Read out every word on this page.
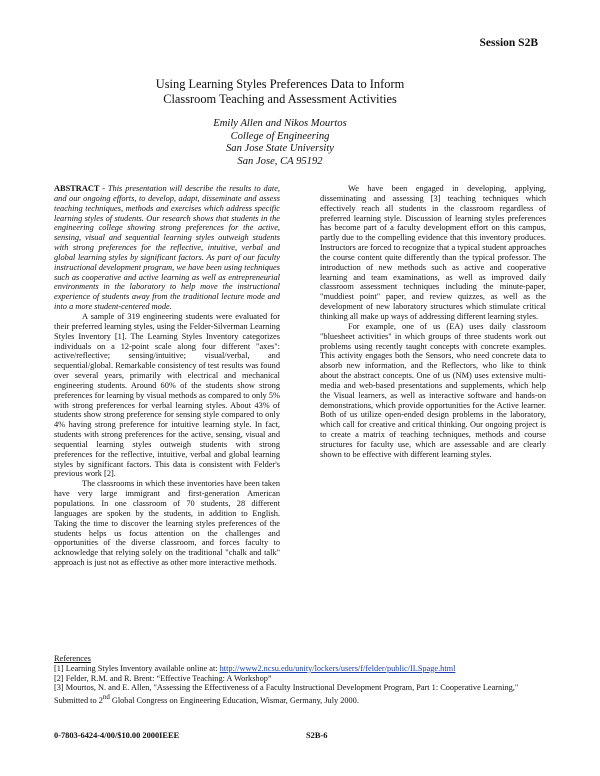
Session S2B
Using Learning Styles Preferences Data to Inform
Classroom Teaching and Assessment Activities
Emily Allen and Nikos Mourtos
College of Engineering
San Jose State University
San Jose, CA 95192

ABSTRACT - This presentation will describe the results to date, and our ongoing efforts, to develop, adapt, disseminate and assess teaching techniques, methods and exercises which address specific learning styles of students. Our research shows that students in the engineering college showing strong preferences for the active, sensing, visual and sequential learning styles outweigh students with strong preferences for the reflective, intuitive, verbal and global learning styles by significant factors. As part of our faculty instructional development program, we have been using techniques such as cooperative and active learning as well as entrepreneurial environments in the laboratory to help move the instructional experience of students away from the traditional lecture mode and into a more student-centered mode.

A sample of 319 engineering students were evaluated for their preferred learning styles, using the Felder-Silverman Learning Styles Inventory [1]. The Learning Styles Inventory categorizes individuals on a 12-point scale along four different "axes": active/reflective; sensing/intuitive; visual/verbal, and sequential/global. Remarkable consistency of test results was found over several years, primarily with electrical and mechanical engineering students. Around 60% of the students show strong preferences for learning by visual methods as compared to only 5% with strong preferences for verbal learning styles. About 43% of students show strong preference for sensing style compared to only 4% having strong preference for intuitive learning style. In fact, students with strong preferences for the active, sensing, visual and sequential learning styles outweigh students with strong preferences for the reflective, intuitive, verbal and global learning styles by significant factors. This data is consistent with Felder's previous work [2].

The classrooms in which these inventories have been taken have very large immigrant and first-generation American populations. In one classroom of 70 students, 28 different languages are spoken by the students, in addition to English. Taking the time to discover the learning styles preferences of the students helps us focus attention on the challenges and opportunities of the diverse classroom, and forces faculty to acknowledge that relying solely on the traditional "chalk and talk" approach is just not as effective as other more interactive methods.

We have been engaged in developing, applying, disseminating and assessing [3] teaching techniques which effectively reach all students in the classroom regardless of preferred learning style. Discussion of learning styles preferences has become part of a faculty development effort on this campus, partly due to the compelling evidence that this inventory produces. Instructors are forced to recognize that a typical student approaches the course content quite differently than the typical professor. The introduction of new methods such as active and cooperative learning and team examinations, as well as improved daily classroom assessment techniques including the minute-paper, "muddiest point" paper, and review quizzes, as well as the development of new laboratory structures which stimulate critical thinking all make up ways of addressing different learning styles.

For example, one of us (EA) uses daily classroom "bluesheet activities" in which groups of three students work out problems using recently taught concepts with concrete examples. This activity engages both the Sensors, who need concrete data to absorb new information, and the Reflectors, who like to think about the abstract concepts. One of us (NM) uses extensive multi-media and web-based presentations and supplements, which help the Visual learners, as well as interactive software and hands-on demonstrations, which provide opportunities for the Active learner. Both of us utilize open-ended design problems in the laboratory, which call for creative and critical thinking. Our ongoing project is to create a matrix of teaching techniques, methods and course structures for faculty use, which are assessable and are clearly shown to be effective with different learning styles.

References
[1] Learning Styles Inventory available online at: http://www2.ncsu.edu/unity/lockers/users/f/felder/public/ILSpage.html
[2] Felder, R.M. and R. Brent: “Effective Teaching: A Workshop”
[3] Mourtos, N. and E. Allen, "Assessing the Effectiveness of a Faculty Instructional Development Program, Part 1: Cooperative Learning," Submitted to 2nd Global Congress on Engineering Education, Wismar, Germany, July 2000.
0-7803-6424-4/00/$10.00 2000IEEE	S2B-6
